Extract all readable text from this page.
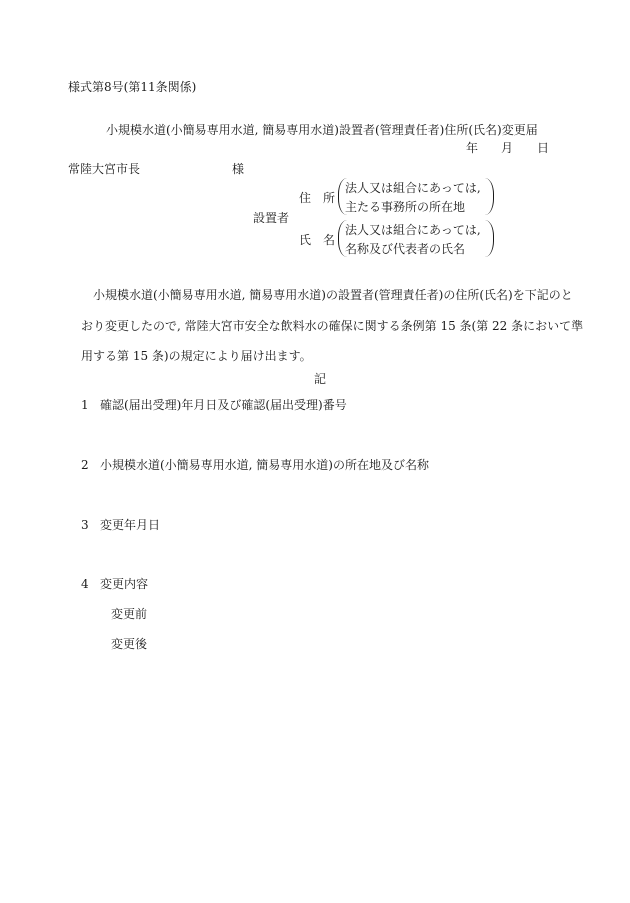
様式第8号(第11条関係)
小規模水道(小簡易専用水道, 簡易専用水道)設置者(管理責任者)住所(氏名)変更届
年 月 日
常陸大宮市長	様
設置者
住　所
法人又は組合にあっては,
主たる事務所の所在地
氏　名
法人又は組合にあっては,
名称及び代表者の氏名
小規模水道(小簡易専用水道, 簡易専用水道)の設置者(管理責任者)の住所(氏名)を下記のと
おり変更したので, 常陸大宮市安全な飲料水の確保に関する条例第 15 条(第 22 条において準
用する第 15 条)の規定により届け出ます。
記
1 確認(届出受理)年月日及び確認(届出受理)番号
2 小規模水道(小簡易専用水道, 簡易専用水道)の所在地及び名称
3 変更年月日
4 変更内容
変更前
変更後
